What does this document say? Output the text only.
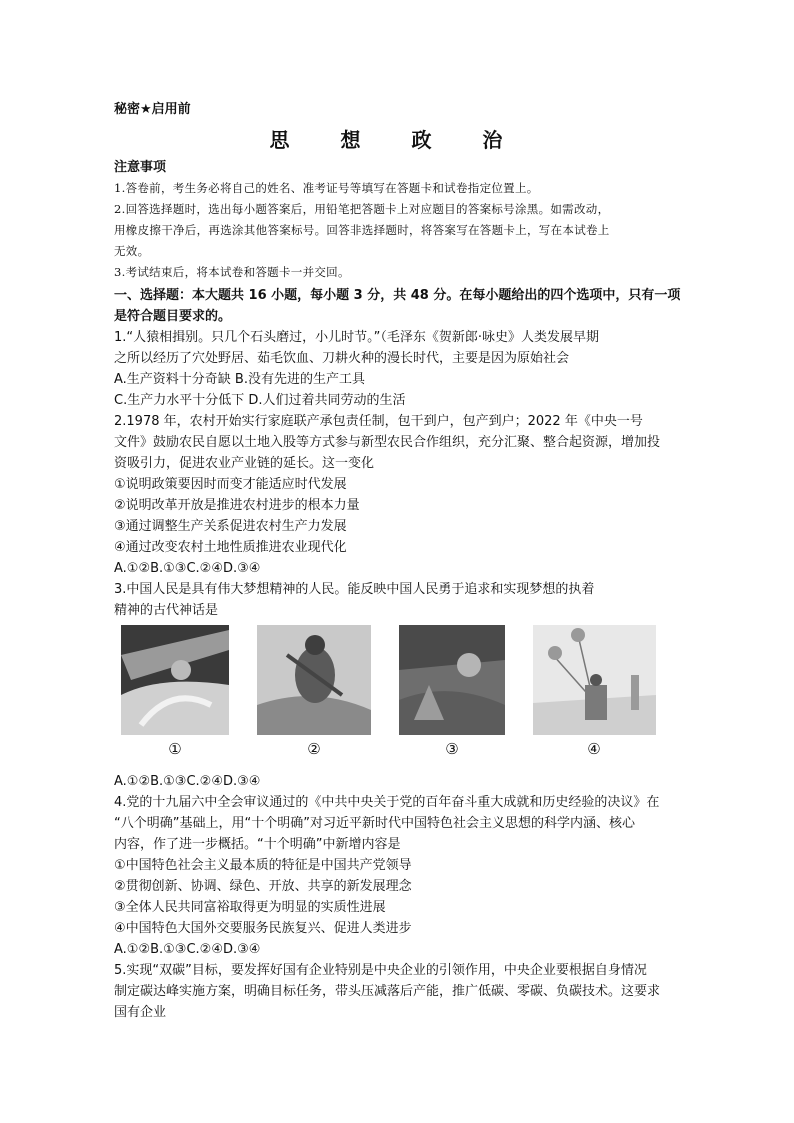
秘密★启用前
思 想 政 治
注意事项
1.答卷前，考生务必将自己的姓名、准考证号等填写在答题卡和试卷指定位置上。
2.回答选择题时，选出每小题答案后，用铅笔把答题卡上对应题目的答案标号涂黑。如需改动，
用橡皮擦干净后，再选涂其他答案标号。回答非选择题时，将答案写在答题卡上，写在本试卷上
无效。
3.考试结束后，将本试卷和答题卡一并交回。
一、选择题：本大题共 16 小题，每小题 3 分，共 48 分。在每小题给出的四个选项中，只有一项
是符合题目要求的。
1.“人猿相揖别。只几个石头磨过，小儿时节。”（毛泽东《贺新郎·咏史》人类发展早期
之所以经历了穴处野居、茹毛饮血、刀耕火种的漫长时代，主要是因为原始社会
A.生产资料十分奇缺 B.没有先进的生产工具
C.生产力水平十分低下 D.人们过着共同劳动的生活
2.1978 年，农村开始实行家庭联产承包责任制，包干到户，包产到户；2022 年《中央一号
文件》鼓励农民自愿以土地入股等方式参与新型农民合作组织，充分汇聚、整合起资源，增加投
资吸引力，促进农业产业链的延长。这一变化
①说明政策要因时而变才能适应时代发展
②说明改革开放是推进农村进步的根本力量
③通过调整生产关系促进农村生产力发展
④通过改变农村土地性质推进农业现代化
A.①②B.①③C.②④D.③④
3.中国人民是具有伟大梦想精神的人民。能反映中国人民勇于追求和实现梦想的执着
精神的古代神话是
①	②	③	④
A.①②B.①③C.②④D.③④
4.党的十九届六中全会审议通过的《中共中央关于党的百年奋斗重大成就和历史经验的决议》在
“八个明确”基础上，用“十个明确”对习近平新时代中国特色社会主义思想的科学内涵、核心
内容，作了进一步概括。“十个明确”中新增内容是
①中国特色社会主义最本质的特征是中国共产党领导
②贯彻创新、协调、绿色、开放、共享的新发展理念
③全体人民共同富裕取得更为明显的实质性进展
④中国特色大国外交要服务民族复兴、促进人类进步
A.①②B.①③C.②④D.③④
5.实现“双碳”目标，要发挥好国有企业特别是中央企业的引领作用，中央企业要根据自身情况
制定碳达峰实施方案，明确目标任务，带头压减落后产能，推广低碳、零碳、负碳技术。这要求
国有企业
